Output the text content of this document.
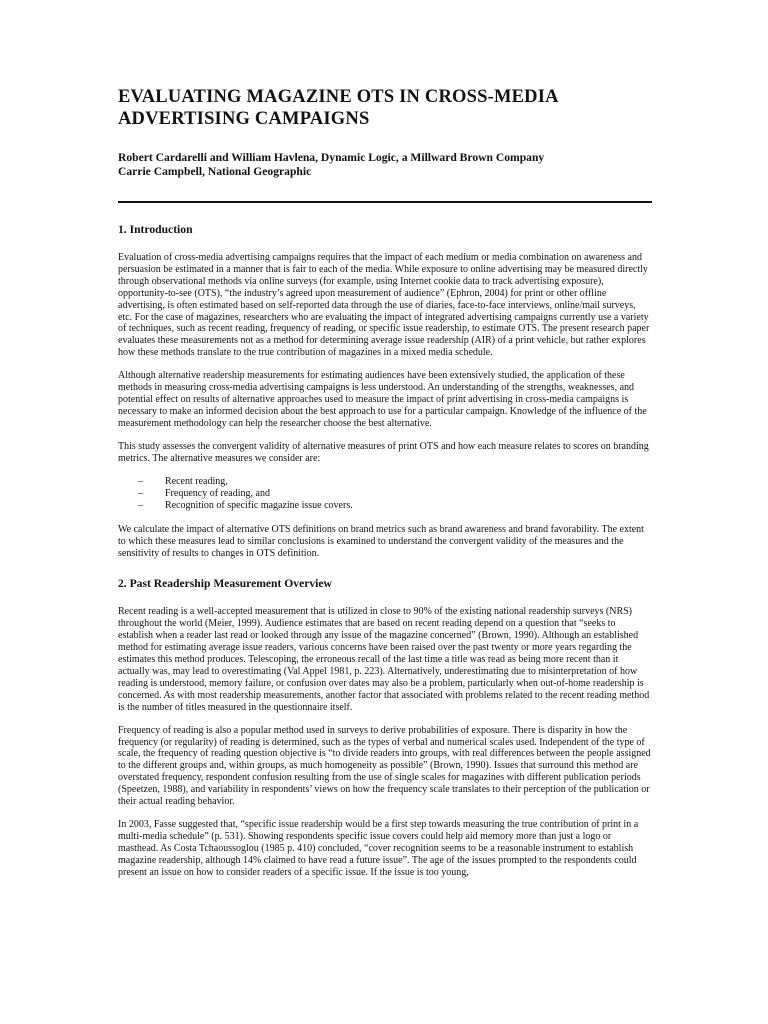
EVALUATING MAGAZINE OTS IN CROSS-MEDIA
ADVERTISING CAMPAIGNS

Robert Cardarelli and William Havlena, Dynamic Logic, a Millward Brown Company

Carrie Campbell, National Geographic

1. Introduction

Evaluation of cross-media advertising campaigns requires that the impact of each medium or media combination on awareness and persuasion be estimated in a manner that is fair to each of the media. While exposure to online advertising may be measured directly through observational methods via online surveys (for example, using Internet cookie data to track advertising exposure), opportunity-to-see (OTS), “the industry’s agreed upon measurement of audience” (Ephron, 2004) for print or other offline advertising, is often estimated based on self-reported data through the use of diaries, face-to-face interviews, online/mail surveys, etc. For the case of magazines, researchers who are evaluating the impact of integrated advertising campaigns currently use a variety of techniques, such as recent reading, frequency of reading, or specific issue readership, to estimate OTS. The present research paper evaluates these measurements not as a method for determining average issue readership (AIR) of a print vehicle, but rather explores how these methods translate to the true contribution of magazines in a mixed media schedule.

Although alternative readership measurements for estimating audiences have been extensively studied, the application of these methods in measuring cross-media advertising campaigns is less understood. An understanding of the strengths, weaknesses, and potential effect on results of alternative approaches used to measure the impact of print advertising in cross-media campaigns is necessary to make an informed decision about the best approach to use for a particular campaign. Knowledge of the influence of the measurement methodology can help the researcher choose the best alternative.

This study assesses the convergent validity of alternative measures of print OTS and how each measure relates to scores on branding metrics. The alternative measures we consider are:

–	Recent reading,
–	Frequency of reading, and
–	Recognition of specific magazine issue covers.

We calculate the impact of alternative OTS definitions on brand metrics such as brand awareness and brand favorability. The extent to which these measures lead to similar conclusions is examined to understand the convergent validity of the measures and the sensitivity of results to changes in OTS definition.

2. Past Readership Measurement Overview

Recent reading is a well-accepted measurement that is utilized in close to 90% of the existing national readership surveys (NRS) throughout the world (Meier, 1999). Audience estimates that are based on recent reading depend on a question that “seeks to establish when a reader last read or looked through any issue of the magazine concerned” (Brown, 1990). Although an established method for estimating average issue readers, various concerns have been raised over the past twenty or more years regarding the estimates this method produces. Telescoping, the erroneous recall of the last time a title was read as being more recent than it actually was, may lead to overestimating (Val Appel 1981, p. 223). Alternatively, underestimating due to misinterpretation of how reading is understood, memory failure, or confusion over dates may also be a problem, particularly when out-of-home readership is concerned. As with most readership measurements, another factor that associated with problems related to the recent reading method is the number of titles measured in the questionnaire itself.

Frequency of reading is also a popular method used in surveys to derive probabilities of exposure. There is disparity in how the frequency (or regularity) of reading is determined, such as the types of verbal and numerical scales used. Independent of the type of scale, the frequency of reading question objective is “to divide readers into groups, with real differences between the people assigned to the different groups and, within groups, as much homogeneity as possible” (Brown, 1990). Issues that surround this method are overstated frequency, respondent confusion resulting from the use of single scales for magazines with different publication periods (Speetzen, 1988), and variability in respondents’ views on how the frequency scale translates to their perception of the publication or their actual reading behavior.

In 2003, Fasse suggested that, “specific issue readership would be a first step towards measuring the true contribution of print in a multi-media schedule” (p. 531). Showing respondents specific issue covers could help aid memory more than just a logo or masthead. As Costa Tchaoussoglou (1985 p. 410) concluded, “cover recognition seems to be a reasonable instrument to establish magazine readership, although 14% claimed to have read a future issue”. The age of the issues prompted to the respondents could present an issue on how to consider readers of a specific issue. If the issue is too young,
